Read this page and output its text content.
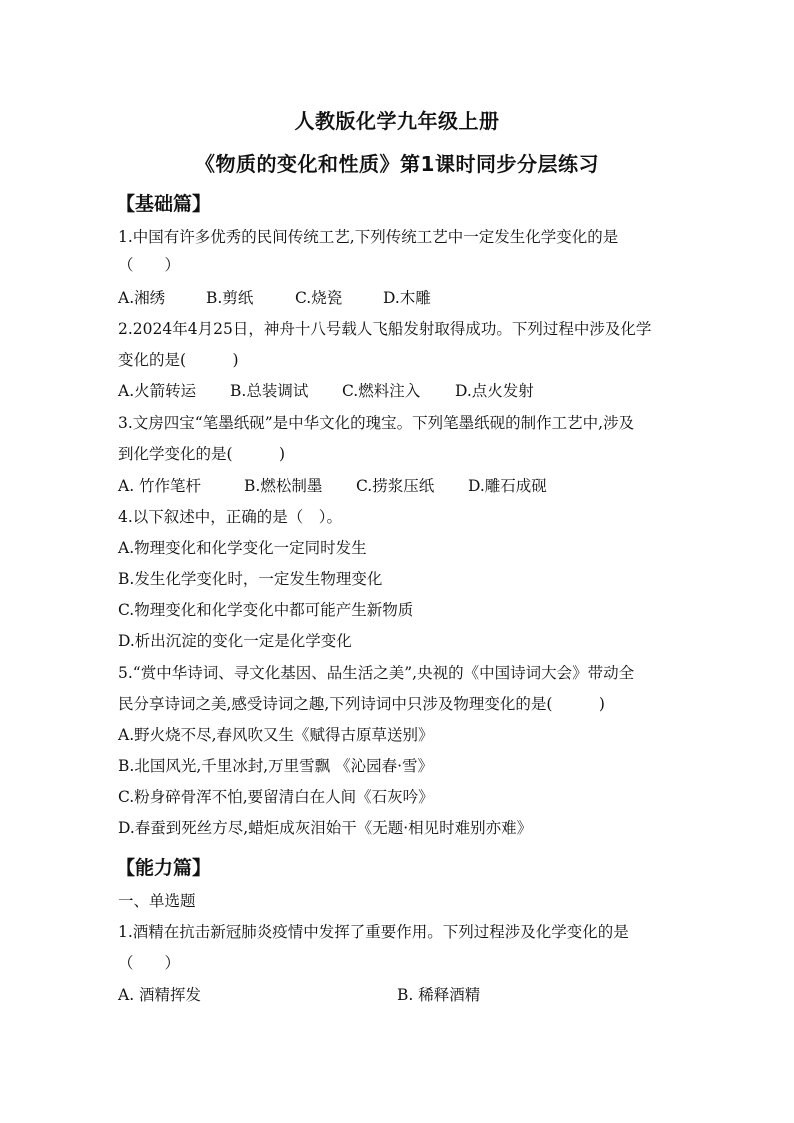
人教版化学九年级上册
《物质的变化和性质》第1课时同步分层练习
【基础篇】
1.中国有许多优秀的民间传统工艺,下列传统工艺中一定发生化学变化的是
（　　）
A.湘绣	B.剪纸	C.烧瓷	D.木雕
2.2024年4月25日，神舟十八号载人飞船发射取得成功。下列过程中涉及化学
变化的是(　　　)
A.火箭转运 B.总装调试 C.燃料注入 D.点火发射
3.文房四宝“笔墨纸砚”是中华文化的瑰宝。下列笔墨纸砚的制作工艺中,涉及
到化学变化的是(　　　)
A. 竹作笔杆	B.燃松制墨 C.捞浆压纸 D.雕石成砚
4.以下叙述中，正确的是（　）。
A.物理变化和化学变化一定同时发生
B.发生化学变化时，一定发生物理变化
C.物理变化和化学变化中都可能产生新物质
D.析出沉淀的变化一定是化学变化
5.“赏中华诗词、寻文化基因、品生活之美”,央视的《中国诗词大会》带动全
民分享诗词之美,感受诗词之趣,下列诗词中只涉及物理变化的是(　　　)
A.野火烧不尽,春风吹又生《赋得古原草送别》
B.北国风光,千里冰封,万里雪飘 《沁园春·雪》
C.粉身碎骨浑不怕,要留清白在人间《石灰吟》
D.春蚕到死丝方尽,蜡炬成灰泪始干《无题·相见时难别亦难》
【能力篇】
一、单选题
1.酒精在抗击新冠肺炎疫情中发挥了重要作用。下列过程涉及化学变化的是
（　　）
A. 酒精挥发	B. 稀释酒精
